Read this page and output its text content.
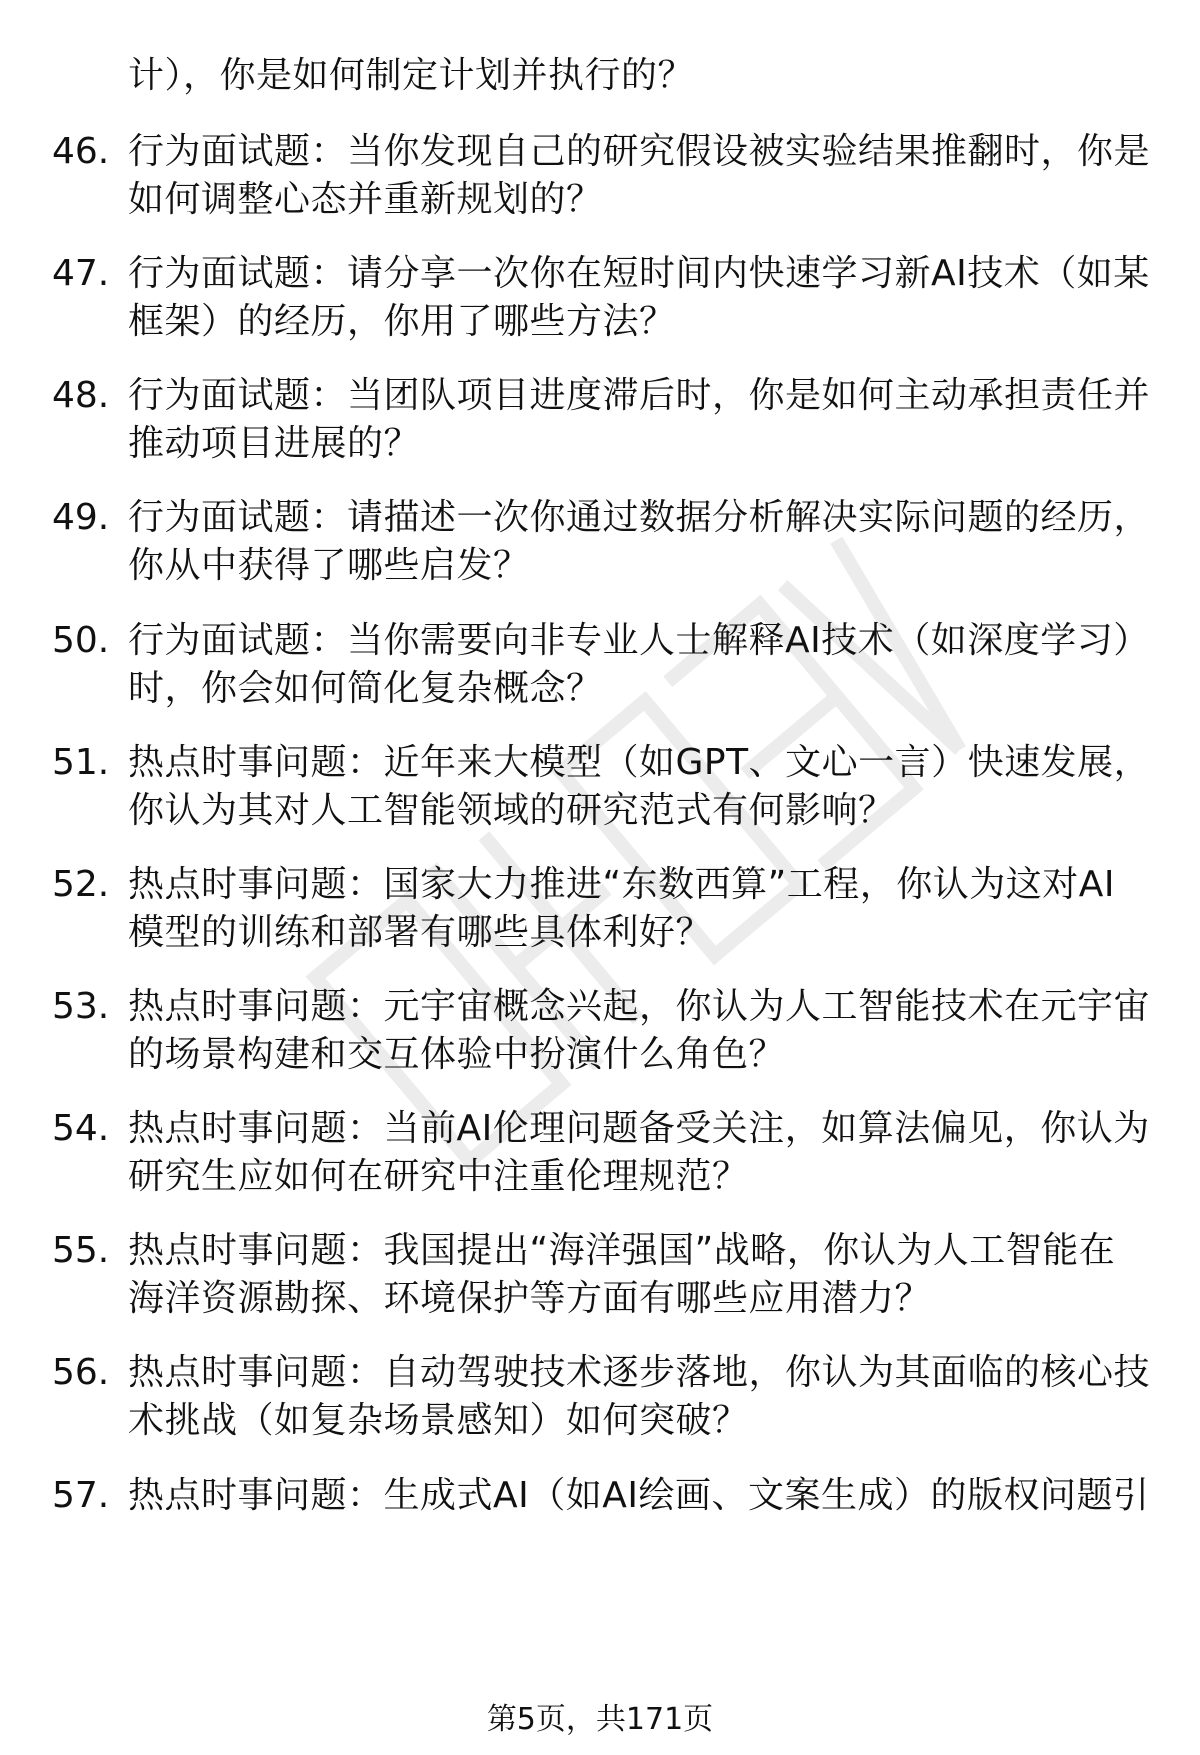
计），你是如何制定计划并执行的？
46. 行为面试题：当你发现自己的研究假设被实验结果推翻时，你是
如何调整心态并重新规划的？
47. 行为面试题：请分享一次你在短时间内快速学习新AI技术（如某
框架）的经历，你用了哪些方法？
48. 行为面试题：当团队项目进度滞后时，你是如何主动承担责任并
推动项目进展的？
49. 行为面试题：请描述一次你通过数据分析解决实际问题的经历，
你从中获得了哪些启发？
50. 行为面试题：当你需要向非专业人士解释AI技术（如深度学习）
时，你会如何简化复杂概念？
51. 热点时事问题：近年来大模型（如GPT、文心一言）快速发展，
你认为其对人工智能领域的研究范式有何影响？
52. 热点时事问题：国家大力推进“东数西算”工程，你认为这对AI
模型的训练和部署有哪些具体利好？
53. 热点时事问题：元宇宙概念兴起，你认为人工智能技术在元宇宙
的场景构建和交互体验中扮演什么角色？
54. 热点时事问题：当前AI伦理问题备受关注，如算法偏见，你认为
研究生应如何在研究中注重伦理规范？
55. 热点时事问题：我国提出“海洋强国”战略，你认为人工智能在
海洋资源勘探、环境保护等方面有哪些应用潜力？
56. 热点时事问题：自动驾驶技术逐步落地，你认为其面临的核心技
术挑战（如复杂场景感知）如何突破？
57. 热点时事问题：生成式AI（如AI绘画、文案生成）的版权问题引
第5页，共171页
